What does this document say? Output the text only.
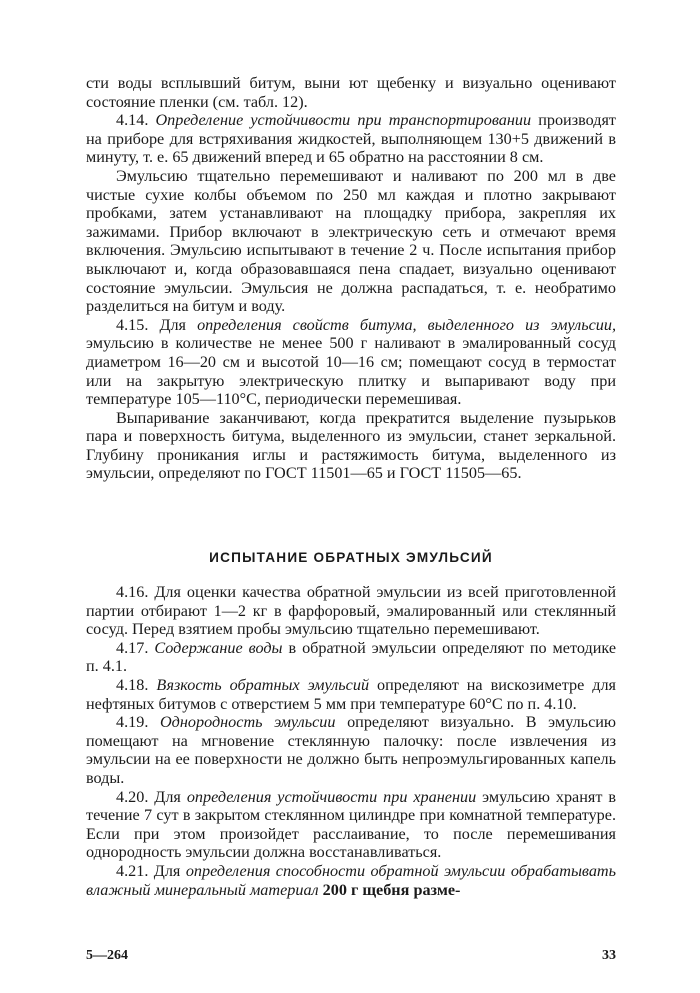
сти воды всплывший битум, выни ют щебенку и визуально оценивают состояние пленки (см. табл. 12).

4.14. Определение устойчивости при транспортировании производят на приборе для встряхивания жидкостей, выполняющем 130+5 движений в минуту, т. е. 65 движений вперед и 65 обратно на расстоянии 8 см.

Эмульсию тщательно перемешивают и наливают по 200 мл в две чистые сухие колбы объемом по 250 мл каждая и плотно закрывают пробками, затем устанавливают на площадку прибора, закрепляя их зажимами. Прибор включают в электрическую сеть и отмечают время включения. Эмульсию испытывают в течение 2 ч. После испытания прибор выключают и, когда образовавшаяся пена спадает, визуально оценивают состояние эмульсии. Эмульсия не должна распадаться, т. е. необратимо разделиться на битум и воду.

4.15. Для определения свойств битума, выделенного из эмульсии, эмульсию в количестве не менее 500 г наливают в эмалированный сосуд диаметром 16—20 см и высотой 10—16 см; помещают сосуд в термостат или на закрытую электрическую плитку и выпаривают воду при температуре 105—110°С, периодически перемешивая.

Выпаривание заканчивают, когда прекратится выделение пузырьков пара и поверхность битума, выделенного из эмульсии, станет зеркальной. Глубину проникания иглы и растяжимость битума, выделенного из эмульсии, определяют по ГОСТ 11501—65 и ГОСТ 11505—65.

ИСПЫТАНИЕ ОБРАТНЫХ ЭМУЛЬСИЙ

4.16. Для оценки качества обратной эмульсии из всей приготовленной партии отбирают 1—2 кг в фарфоровый, эмалированный или стеклянный сосуд. Перед взятием пробы эмульсию тщательно перемешивают.

4.17. Содержание воды в обратной эмульсии определяют по методике п. 4.1.

4.18. Вязкость обратных эмульсий определяют на вискозиметре для нефтяных битумов с отверстием 5 мм при температуре 60°С по п. 4.10.

4.19. Однородность эмульсии определяют визуально. В эмульсию помещают на мгновение стеклянную палочку: после извлечения из эмульсии на ее поверхности не должно быть непроэмульгированных капель воды.

4.20. Для определения устойчивости при хранении эмульсию хранят в течение 7 сут в закрытом стеклянном цилиндре при комнатной температуре. Если при этом произойдет расслаивание, то после перемешивания однородность эмульсии должна восстанавливаться.

4.21. Для определения способности обратной эмульсии обрабатывать влажный минеральный материал 200 г щебня разме-

5—264	33
